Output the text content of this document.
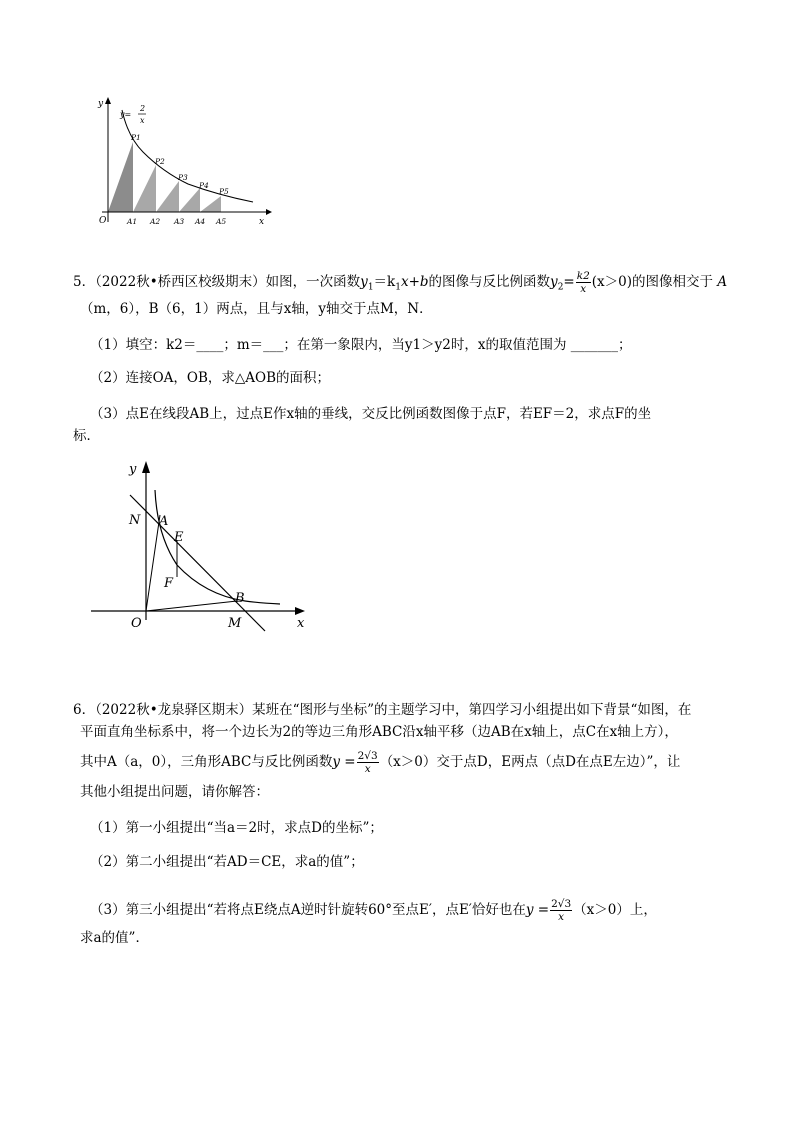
y
x
O
y=
2
x
P1
P2
P3
P4
P5
A1 A2 A3 A4 A5
5．（2022秋•桥西区校级期末）如图，一次函数$y_1=k_1x+b$的图像与反比例函数$y_2= \frac{k2}{x} (x>0)$的图像相交于 A
（m，6），B（6，1）两点，且与x轴，y轴交于点M，N．
（1）填空：k2＝____；m＝___；在第一象限内，当y1＞y2时，x的取值范围为 _______；
（2）连接OA，OB，求△AOB的面积；
（3）点E在线段AB上，过点E作x轴的垂线，交反比例函数图像于点F，若EF＝2，求点F的坐
标．
y
x
O
N A
E
F
B
M
6．（2022秋•龙泉驿区期末）某班在“图形与坐标”的主题学习中，第四学习小组提出如下背景“如图，在
平面直角坐标系中，将一个边长为2的等边三角形ABC沿x轴平移（边AB在x轴上，点C在x轴上方），
其中A（a，0），三角形ABC与反比例函数$y = \frac{2√3}{x} (x>0)$交于点D，E两点（点D在点E左边）”，让
其他小组提出问题，请你解答：
（1）第一小组提出“当a＝2时，求点D的坐标”；
（2）第二小组提出“若AD＝CE，求a的值”；
（3）第三小组提出“若将点E绕点A逆时针旋转60°至点E′，点E′恰好也在$y = \frac{2√3}{x} (x>0)$上，
求a的值”．
